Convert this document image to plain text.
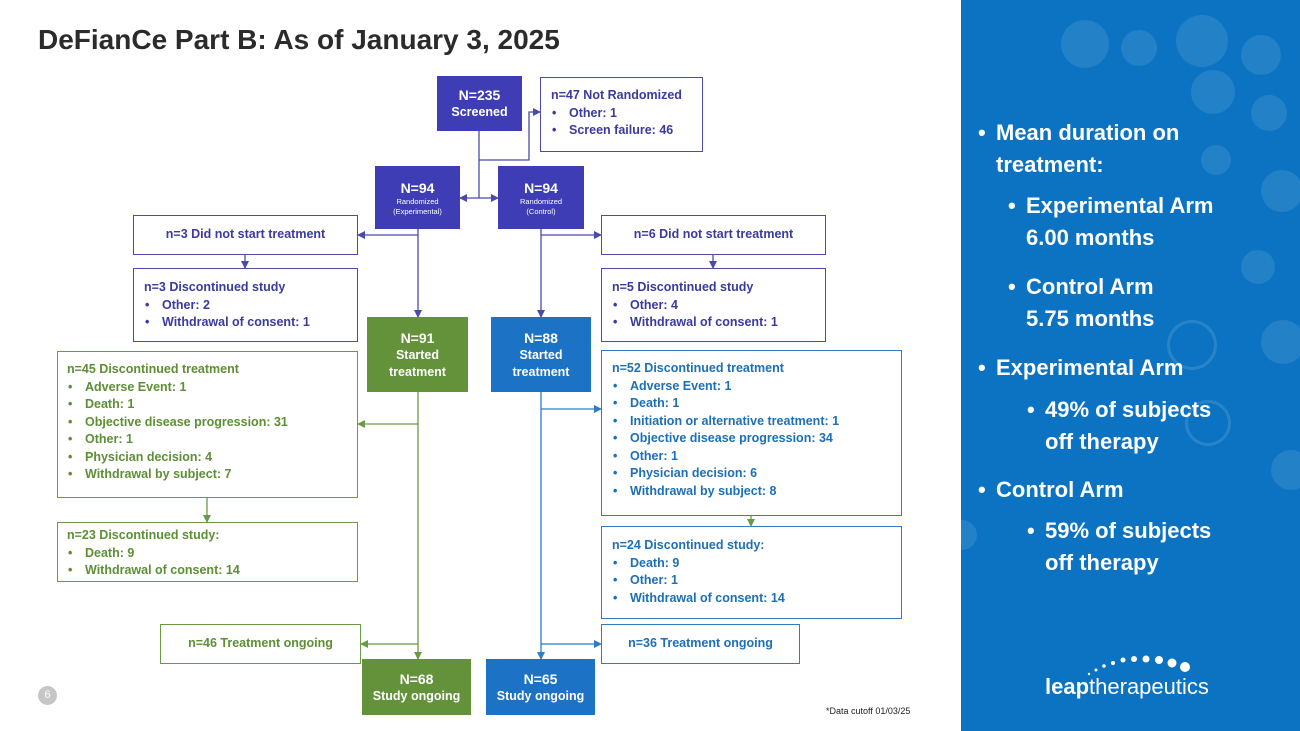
DeFianCe Part B: As of January 3, 2025
N=235
Screened
n=47 Not Randomized
• Other: 1
• Screen failure: 46
N=94
Randomized
(Experimental)
N=94
Randomized
(Control)
n=3 Did not start treatment
n=3 Discontinued study
• Other: 2
• Withdrawal of consent: 1
N=91
Started
treatment
n=45 Discontinued treatment
• Adverse Event: 1
• Death: 1
• Objective disease progression: 31
• Other: 1
• Physician decision: 4
• Withdrawal by subject: 7
n=23 Discontinued study:
• Death: 9
• Withdrawal of consent: 14
n=46 Treatment ongoing
N=68
Study ongoing
n=6 Did not start treatment
n=5 Discontinued study
• Other: 4
• Withdrawal of consent: 1
N=88
Started
treatment	n=52 Discontinued treatment
• Adverse Event: 1
• Death: 1
• Initiation or alternative treatment: 1
• Objective disease progression: 34
• Other: 1
• Physician decision: 6
• Withdrawal by subject: 8
n=24 Discontinued study:
• Death: 9
• Other: 1
• Withdrawal of consent: 14
n=36 Treatment ongoing
N=65
Study ongoing
*Data cutoff 01/03/25
6
• Mean duration on
treatment:
• Experimental Arm
6.00 months
• Control Arm
5.75 months
• Experimental Arm
• 49% of subjects
off therapy
• Control Arm
• 59% of subjects
off therapy
leaptherapeutics
